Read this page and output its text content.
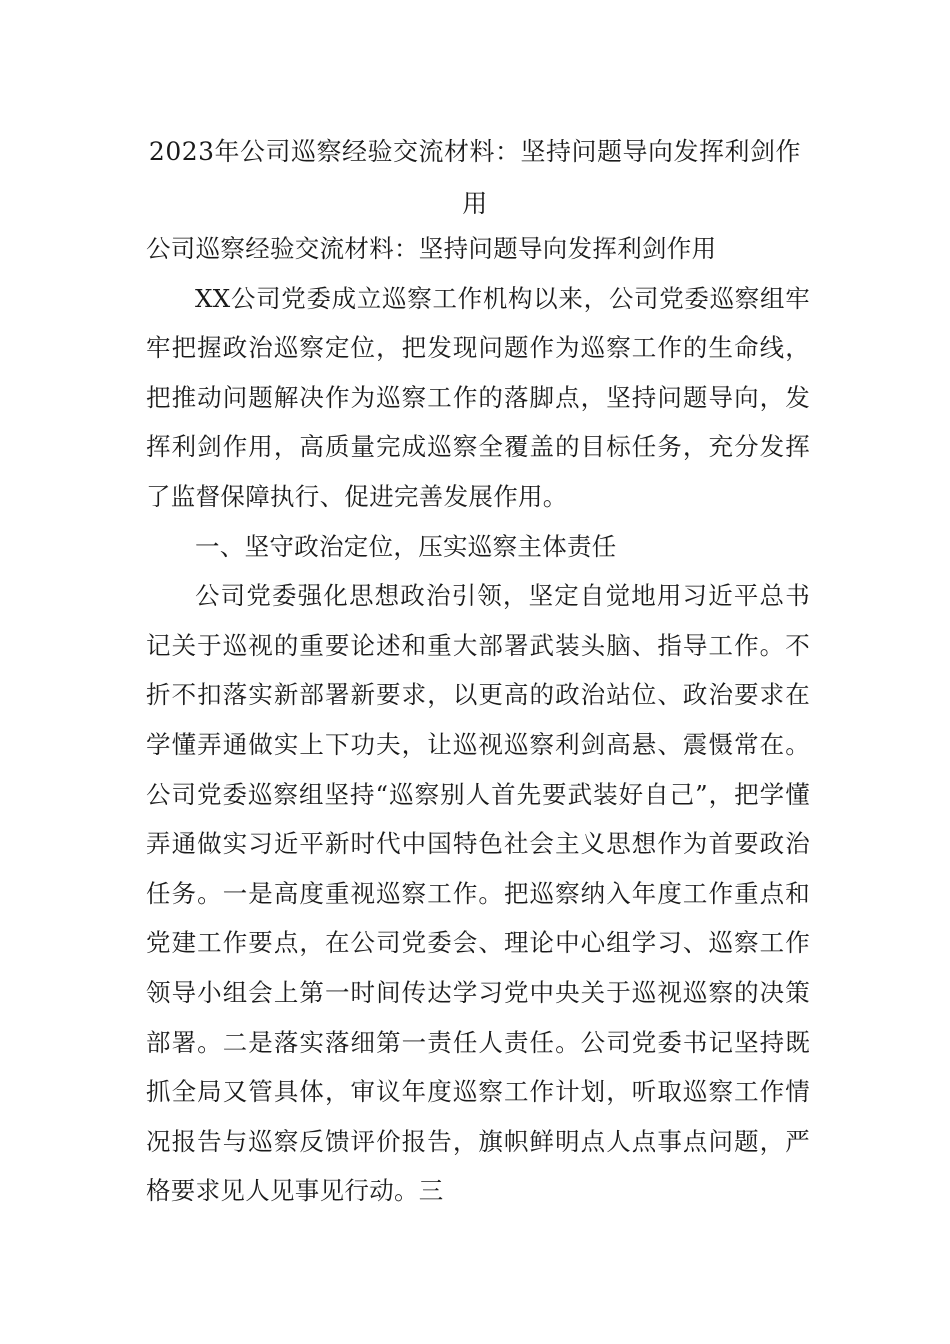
2023年公司巡察经验交流材料：坚持问题导向发挥利剑作用

公司巡察经验交流材料：坚持问题导向发挥利剑作用

XX公司党委成立巡察工作机构以来，公司党委巡察组牢牢把握政治巡察定位，把发现问题作为巡察工作的生命线，把推动问题解决作为巡察工作的落脚点，坚持问题导向，发挥利剑作用，高质量完成巡察全覆盖的目标任务，充分发挥了监督保障执行、促进完善发展作用。

一、坚守政治定位，压实巡察主体责任

公司党委强化思想政治引领，坚定自觉地用习近平总书记关于巡视的重要论述和重大部署武装头脑、指导工作。不折不扣落实新部署新要求，以更高的政治站位、政治要求在学懂弄通做实上下功夫，让巡视巡察利剑高悬、震慑常在。公司党委巡察组坚持“巡察别人首先要武装好自己”，把学懂弄通做实习近平新时代中国特色社会主义思想作为首要政治任务。一是高度重视巡察工作。把巡察纳入年度工作重点和党建工作要点，在公司党委会、理论中心组学习、巡察工作领导小组会上第一时间传达学习党中央关于巡视巡察的决策部署。二是落实落细第一责任人责任。公司党委书记坚持既抓全局又管具体，审议年度巡察工作计划，听取巡察工作情况报告与巡察反馈评价报告，旗帜鲜明点人点事点问题，严格要求见人见事见行动。三
